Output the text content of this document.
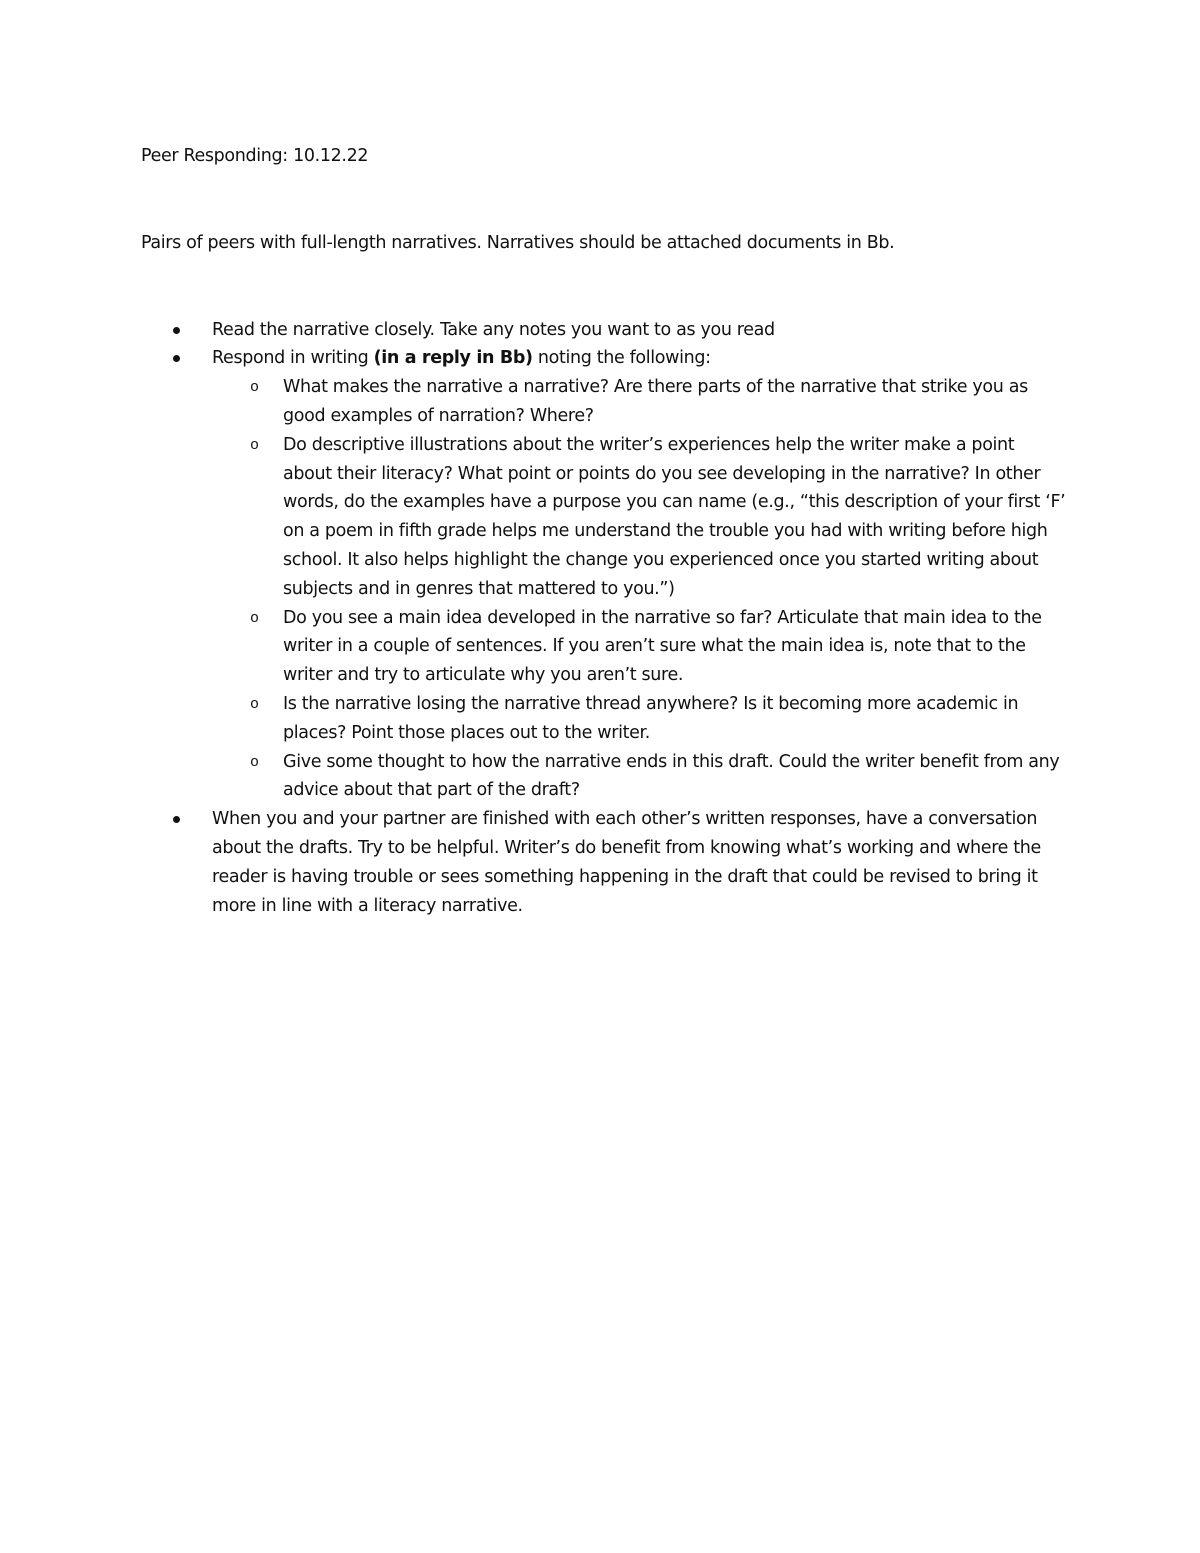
Peer Responding: 10.12.22

Pairs of peers with full-length narratives. Narratives should be attached documents in Bb.

Read the narrative closely. Take any notes you want to as you read
Respond in writing (in a reply in Bb) noting the following:
o What makes the narrative a narrative? Are there parts of the narrative that strike you as good examples of narration? Where?
o Do descriptive illustrations about the writer’s experiences help the writer make a point about their literacy? What point or points do you see developing in the narrative? In other words, do the examples have a purpose you can name (e.g., “this description of your first ‘F’ on a poem in fifth grade helps me understand the trouble you had with writing before high school. It also helps highlight the change you experienced once you started writing about subjects and in genres that mattered to you.”)
o Do you see a main idea developed in the narrative so far? Articulate that main idea to the writer in a couple of sentences. If you aren’t sure what the main idea is, note that to the writer and try to articulate why you aren’t sure.
o Is the narrative losing the narrative thread anywhere? Is it becoming more academic in places? Point those places out to the writer.
o Give some thought to how the narrative ends in this draft. Could the writer benefit from any advice about that part of the draft?
When you and your partner are finished with each other’s written responses, have a conversation about the drafts. Try to be helpful. Writer’s do benefit from knowing what’s working and where the reader is having trouble or sees something happening in the draft that could be revised to bring it more in line with a literacy narrative.
